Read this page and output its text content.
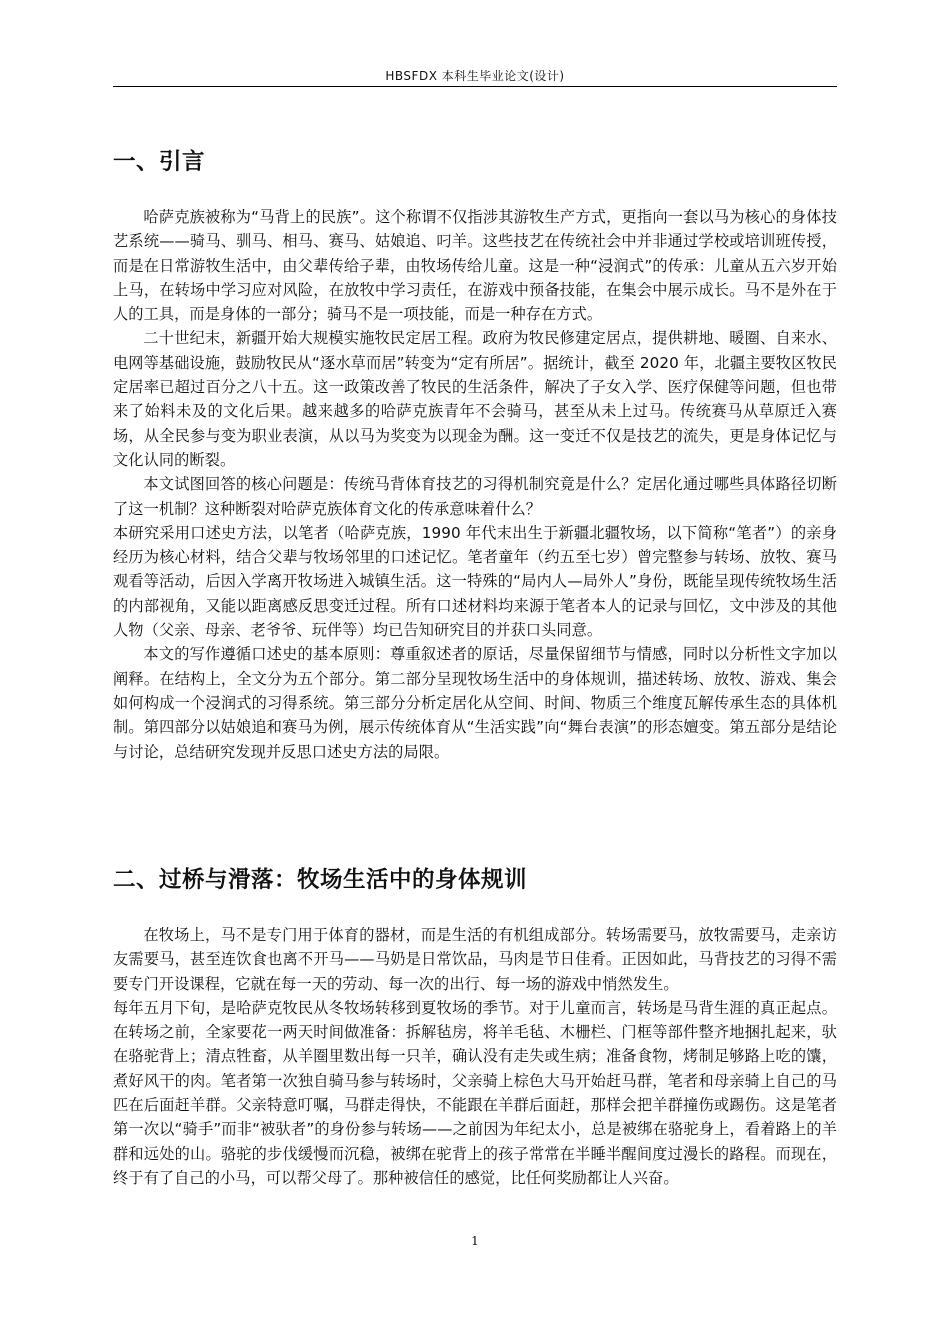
HBSFDX 本科生毕业论文(设计)
一、引言

哈萨克族被称为“马背上的民族”。这个称谓不仅指涉其游牧生产方式，更指向一套以马为核心的身体技艺系统——骑马、驯马、相马、赛马、姑娘追、叼羊。这些技艺在传统社会中并非通过学校或培训班传授，而是在日常游牧生活中，由父辈传给子辈，由牧场传给儿童。这是一种“浸润式”的传承：儿童从五六岁开始上马，在转场中学习应对风险，在放牧中学习责任，在游戏中预备技能，在集会中展示成长。马不是外在于人的工具，而是身体的一部分；骑马不是一项技能，而是一种存在方式。

二十世纪末，新疆开始大规模实施牧民定居工程。政府为牧民修建定居点，提供耕地、暖圈、自来水、电网等基础设施，鼓励牧民从“逐水草而居”转变为“定有所居”。据统计，截至 2020 年，北疆主要牧区牧民定居率已超过百分之八十五。这一政策改善了牧民的生活条件，解决了子女入学、医疗保健等问题，但也带来了始料未及的文化后果。越来越多的哈萨克族青年不会骑马，甚至从未上过马。传统赛马从草原迁入赛场，从全民参与变为职业表演，从以马为奖变为以现金为酬。这一变迁不仅是技艺的流失，更是身体记忆与文化认同的断裂。

本文试图回答的核心问题是：传统马背体育技艺的习得机制究竟是什么？定居化通过哪些具体路径切断了这一机制？这种断裂对哈萨克族体育文化的传承意味着什么？

本研究采用口述史方法，以笔者（哈萨克族，1990 年代末出生于新疆北疆牧场，以下简称“笔者”）的亲身经历为核心材料，结合父辈与牧场邻里的口述记忆。笔者童年（约五至七岁）曾完整参与转场、放牧、赛马观看等活动，后因入学离开牧场进入城镇生活。这一特殊的“局内人—局外人”身份，既能呈现传统牧场生活的内部视角，又能以距离感反思变迁过程。所有口述材料均来源于笔者本人的记录与回忆，文中涉及的其他人物（父亲、母亲、老爷爷、玩伴等）均已告知研究目的并获口头同意。

本文的写作遵循口述史的基本原则：尊重叙述者的原话，尽量保留细节与情感，同时以分析性文字加以阐释。在结构上，全文分为五个部分。第二部分呈现牧场生活中的身体规训，描述转场、放牧、游戏、集会如何构成一个浸润式的习得系统。第三部分分析定居化从空间、时间、物质三个维度瓦解传承生态的具体机制。第四部分以姑娘追和赛马为例，展示传统体育从“生活实践”向“舞台表演”的形态嬗变。第五部分是结论与讨论，总结研究发现并反思口述史方法的局限。

二、过桥与滑落：牧场生活中的身体规训

在牧场上，马不是专门用于体育的器材，而是生活的有机组成部分。转场需要马，放牧需要马，走亲访友需要马，甚至连饮食也离不开马——马奶是日常饮品，马肉是节日佳肴。正因如此，马背技艺的习得不需要专门开设课程，它就在每一天的劳动、每一次的出行、每一场的游戏中悄然发生。

每年五月下旬，是哈萨克牧民从冬牧场转移到夏牧场的季节。对于儿童而言，转场是马背生涯的真正起点。在转场之前，全家要花一两天时间做准备：拆解毡房，将羊毛毡、木栅栏、门框等部件整齐地捆扎起来，驮在骆驼背上；清点牲畜，从羊圈里数出每一只羊，确认没有走失或生病；准备食物，烤制足够路上吃的馕，煮好风干的肉。笔者第一次独自骑马参与转场时，父亲骑上棕色大马开始赶马群，笔者和母亲骑上自己的马匹在后面赶羊群。父亲特意叮嘱，马群走得快，不能跟在羊群后面赶，那样会把羊群撞伤或踢伤。这是笔者第一次以“骑手”而非“被驮者”的身份参与转场——之前因为年纪太小，总是被绑在骆驼身上，看着路上的羊群和远处的山。骆驼的步伐缓慢而沉稳，被绑在驼背上的孩子常常在半睡半醒间度过漫长的路程。而现在，终于有了自己的小马，可以帮父母了。那种被信任的感觉，比任何奖励都让人兴奋。

1
